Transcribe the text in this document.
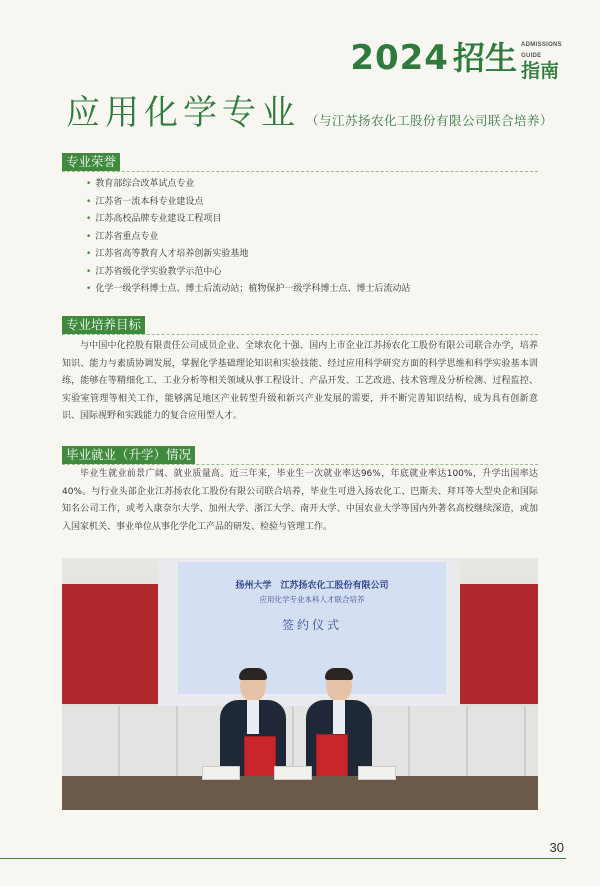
2024 招生 ADMISSIONS
GUIDE
指南
应用化学专业 （与江苏扬农化工股份有限公司联合培养）
专业荣誉
• 教育部综合改革试点专业
• 江苏省一流本科专业建设点
• 江苏高校品牌专业建设工程项目
• 江苏省重点专业
• 江苏省高等教育人才培养创新实验基地
• 江苏省级化学实验教学示范中心
• 化学一级学科博士点、博士后流动站；植物保护一级学科博士点、博士后流动站
专业培养目标

与中国中化控股有限责任公司成员企业、全球农化十强、国内上市企业江苏扬农化工股份有限公司联合办学，培养知识、能力与素质协调发展，掌握化学基础理论知识和实验技能、经过应用科学研究方面的科学思维和科学实验基本训练，能够在等精细化工、工业分析等相关领域从事工程设计、产品开发、工艺改进、技术管理及分析检测、过程监控、实验室管理等相关工作，能够满足地区产业转型升级和新兴产业发展的需要，并不断完善知识结构，成为具有创新意识、国际视野和实践能力的复合应用型人才。

毕业就业（升学）情况

毕业生就业前景广阔、就业质量高。近三年来，毕业生一次就业率达96%，年底就业率达100%，升学出国率达40%。与行业头部企业江苏扬农化工股份有限公司联合培养，毕业生可进入扬农化工、巴斯夫、拜耳等大型央企和国际知名公司工作，或考入康奈尔大学、加州大学、浙江大学、南开大学、中国农业大学等国内外著名高校继续深造，或加入国家机关、事业单位从事化学化工产品的研发、检验与管理工作。

扬州大学　江苏扬农化工股份有限公司
应用化学专业本科人才联合培养
签约仪式
30
